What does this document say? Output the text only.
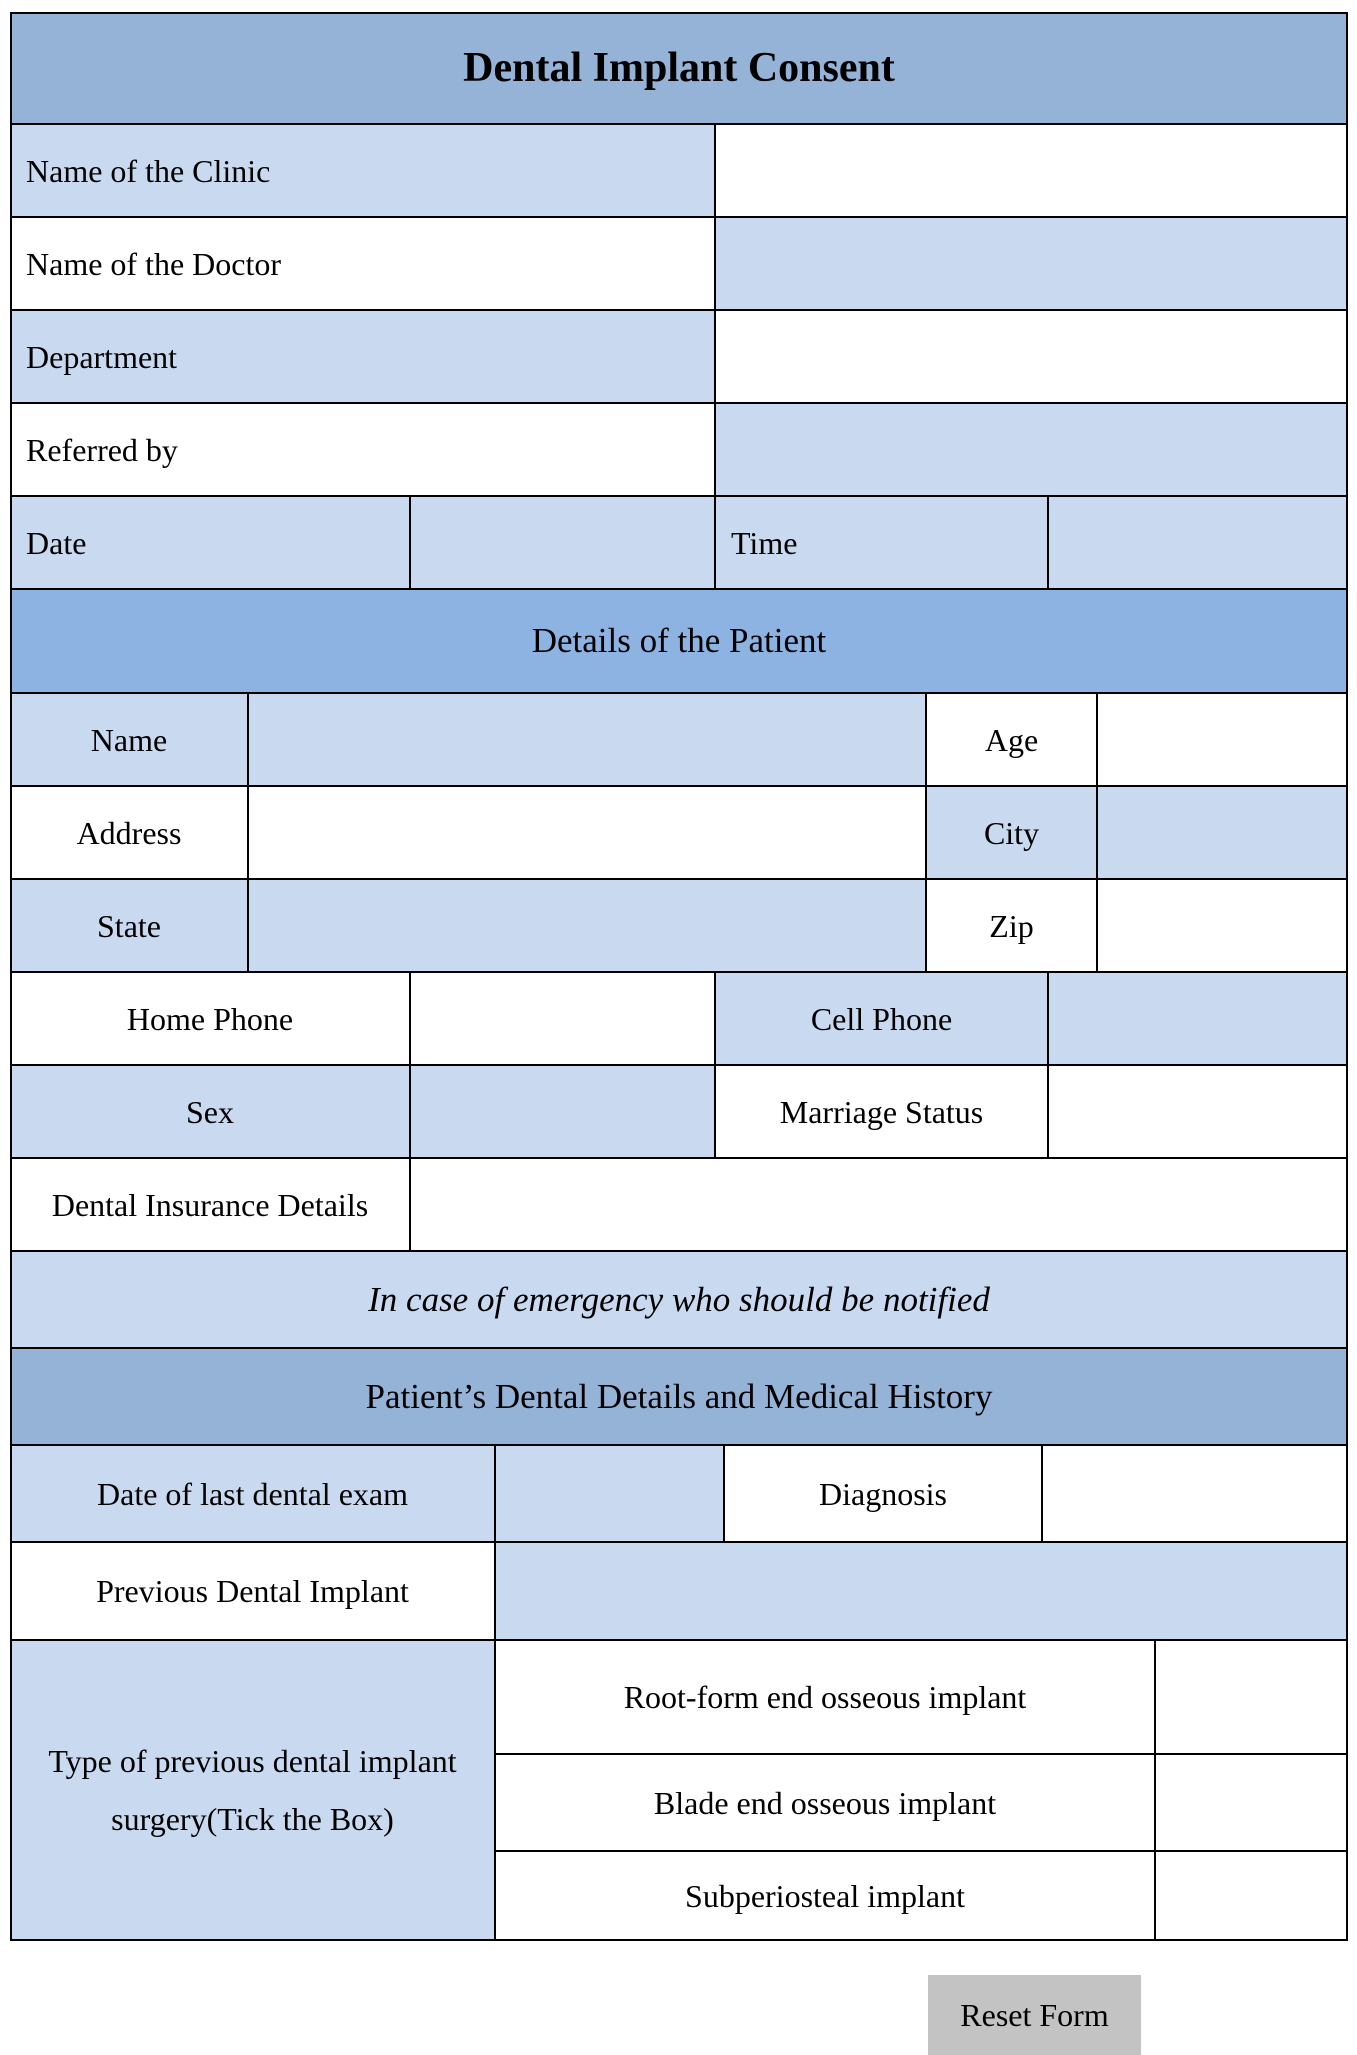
Dental Implant Consent
Name of the Clinic
Name of the Doctor
Department
Referred by
Date	Time
Details of the Patient
Name	Age
Address	City
State	Zip
Home Phone	Cell Phone
Sex	Marriage Status
Dental Insurance Details
In case of emergency who should be notified
Patient’s Dental Details and Medical History
Date of last dental exam	Diagnosis
Previous Dental Implant
Type of previous dental implant surgery(Tick the Box)
Root-form end osseous implant
Blade end osseous implant
Subperiosteal implant
Reset Form
